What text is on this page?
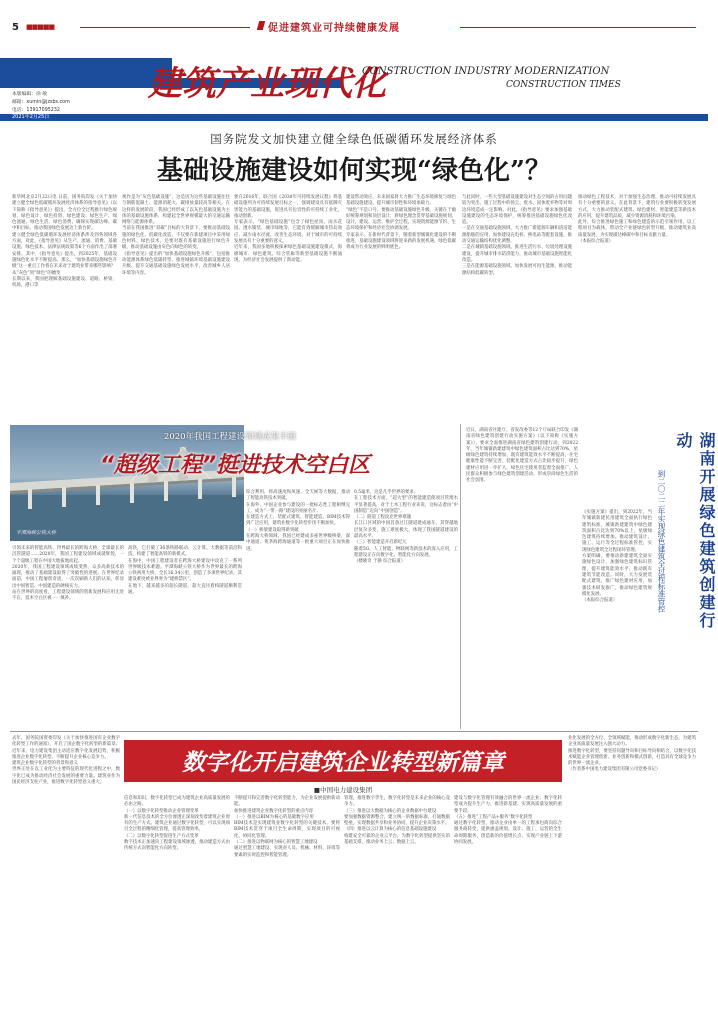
5 ■■■■■	促进建筑业可持续健康发展
建筑产业现代化
CONSTRUCTION INDUSTRY MODERNIZATION
CONSTRUCTION TIMES
本版编辑：徐 敏
邮箱：xumin@jzsbs.com
电话：13917095232
2021年2月25日
国务院发文加快建立健全绿色低碳循环发展经济体系
基础设施建设如何实现“绿色化”？
新华网北京2月22日电 日前，国务院印发《关于加快建立健全绿色低碳循环发展经济体系的指导意见》（以下简称《指导意见》）提出，全方位全过程推行绿色规划、绿色设计、绿色投资、绿色建设、绿色生产、绿色流通、绿色生活、绿色消费，确保实现碳达峰、碳中和目标，推动我国绿色发展迈上新台阶。
建立健全绿色低碳循环发展经济体系涉及到各领域各方面，对此，《指导意见》从生产、流通、消费、基础设施、绿色技术、法律法规政策等6个方面作出了部署安排。其中，《指导意见》提出，到2025年，基础设施绿色化水平不断提高。那么，“加快基础设施绿色升级”这一重点工作将在未来对于建筑业带来哪些影响？
从“灰色”到“绿色”的嬗变
长期以来，我国把理解基础设施建设、道路、桥梁、机场、港口等
视作是为“灰色基础设施”，这是因为这些基础设施往往与钢筋混凝土、能源消耗大、碳排放量较高等相关。在这样的发展阶段，我国已经形成了以灰色基础设施为主体的基础设施体系，构建起全世界规模最大的交通运输网络与能源体系。
当前在我国推进“双碳”目标的大背景下，要推动基础设施的绿色化、低碳化改造，不仅要在新建项目中采用绿色材料、绿色技术，还要对既有基础设施进行绿色升级，推动基础设施由灰色向绿色的转变。
《指导意见》提出的“加快基础设施绿色升级”，包括推动能源体系绿色低碳转型、推进城镇环境基础设施建设升级、提升交通基础设施绿色发展水平、改善城乡人居环境等内容。
要在2016年，联合国《2030年可持续发展议程》将基础设施列为可持续发展目标之一，强调建设具有抵御灾害能力的基础设施，促进具有包容性的可持续工业化，推动创新。
专家表示，“绿色基础设施”包含了绿色屋顶、雨水花园、透水铺装、城市绿地等，它能有效缓解城市热岛效应、减少雨水径流、改善生态环境，对于城市的可持续发展具有十分重要的意义。
近年来，我国多地积极探索绿色基础设施建设模式，海绵城市、绿色建筑、综合管廊等新型基础设施不断涌现，为经济社会发展提供了新动能。
建设带动效应，未来国家将大力推广生态环境修复与绿色基础设施建设，提升城市韧性和环境承载力。
“绿色”不是口号。要推动基础设施绿色升级，关键在于做好统筹规划和顶层设计，将绿色理念贯穿基础设施规划、设计、建设、运营、维护全过程，实现资源能源节约、生态环境保护和经济社会协调发展。
专家表示，在新时代背景下，随着新型城镇化建设的不断推进，基础设施建设领域将迎来新的发展机遇，绿色低碳将成为行业发展的鲜明底色。
与此同时，一些大型基础设施建设对生态空间的占用问题较为突出，施工过程中的扬尘、废水、固体废弃物等对周边环境造成一定影响。对此，《指导意见》要求加强基础设施建设的生态环境保护，统筹推进基础设施绿色化改造。
一是在交通基础设施领域，大力推广新能源车辆和清洁能源船舶的应用，加快建设充电桩、换电站等配套设施，推动交通运输结构优化调整。
二是在城镇基础设施领域，推进生活污水、垃圾处理设施建设，提升城市排水防涝能力，推动城市基础设施智能化改造。
三是在能源基础设施领域，加快发展可再生能源，推动能源结构低碳转型。
推动绿色工程技术，对于加强生态治理，推动可持续发展具有十分重要的意义。在此背景下，建筑行业要积极转变发展方式，大力推动装配式建筑、绿色建材、智能建造等新技术的应用，提升建筑品质，减少资源消耗和环境污染。
此外，综合推进绿色施工和绿色建造的示范引领作用，以工程项目为载体，带动全产业链绿色转型升级，推动建筑业高质量发展，为实现碳达峰碳中和目标贡献力量。
（本报综合报道）
平潭海峡公铁大桥
2020年我国工程建设领域成果丰硕
“超级工程”挺进技术空白区
引领未来的智能高铁、世界最长的跨海大桥、全球最长的沉管隧道……2020年，我国工程建设领域成就辉煌，一个个超级工程在中国大地拔地而起。
2020年，我国工程建设领域成绩斐然，众多高新技术的涌现，推动了基础建设取得了突破性的进展。在世界纪录面前，中国工程屡创奇迹，一次次刷新人们的认知，彰显出中国智造、中国建造的硬核实力。
站在世界的高度看，工程建设领域的创新发展和应用无处不在，技术空白区被一一填补。
高铁，它打破了36条铁路联动、云计算、大数据等前沿科技，构建了智能高铁的新模式。
在海中，中国工程建设者在跨海大桥建设中攻克了一系列世界级技术难题。平潭海峡公铁大桥作为世界最长的跨海公铁两用大桥，全长16.34公里，创造了多项世界纪录，其建设难度被业界誉为“建桥禁区”。
在地下，越来越多的超长隧道、超大直径盾构隧道顺利贯通。
综合利用，将高速度和风速、全天候等大数据，推动了智能高铁技术突破。
在海外，中国企业参与建设的一批标志性工程相继完工，成为“一带一路”建设的亮丽名片。
在建造方式上，装配式建筑、智能建造、BIM技术得到广泛应用，建筑业数字化转型步伐不断加快。
（一）桥梁建设取得新突破
在跨海大桥领域，我国已经建成多座世界级桥梁，深中通道、黄茅海跨海通道等一批重大项目正在加快推进。
0.5毫米，这是几乎世界的要求。
在工程技术方面，“超大型”的智能建造使项目管理水平显著提高，对于土木工程行业来说，这标志着由“中国制造”迈向“中国创造”。
（二）隧道工程攻克世界难题
长江口区域的中国首条过江隧道建成通车，其穿越地层复杂多变，施工难度极大，体现了我国隧道建设的最高水平。
（三）智能建造开启新纪元
随着5G、人工智能、物联网等新技术的深入应用，工程建设正在向数字化、智能化方向发展。
（楼晓奇 于静 综合报道）
近日，湖南省住建厅、省发改委等12个厅局联合印发《湖南省绿色建筑创建行动实施方案》（以下简称《实施方案》），要求全面推进湖南省绿色建筑创建行动，到2022年，当年城镇新建建筑中绿色建筑面积占比达到70%，星级绿色建筑持续增加，既有建筑能效水平不断提高，住宅健康性能不断完善，装配化建造方式占比稳步提升，绿色建材应用进一步扩大，绿色住宅使用者监督全面推广，人民群众积极参与绿色建筑创建活动，形成崇尚绿色生活的社会氛围。
《实施方案》提出，到2022年，当年城镇新建民用建筑全面执行绿色建筑标准，城镇新建建筑中绿色建筑面积占比达到70%以上，星级绿色建筑持续增加。推动建筑设计、施工、运行等全过程标准管控，实现绿色建筑全过程闭环管理。
方案明确，要推动新建建筑全面实施绿色设计，加强绿色建筑标识管理，提升建筑能效水平，推动既有建筑节能改造。同时，大力发展装配式建筑，推广绿色建材应用，加强技术研发推广，推动绿色建筑规模化发展。
（本报综合报道）	湖南开展绿色建筑创建行动
到二〇二二年实现绿色建筑全过程标准管控
去年，国务院国资委印发《关于加快推进国有企业数字化转型工作的通知》，开启了国企数字化转型的新篇章。近年来，电力建设集团主动适应数字化发展趋势，积极推进企业数字化转型，不断提升企业核心竞争力。
建筑企业数字化转型的背景和意义
世界正处在以工业化为主要特征的现代化进程之中，数字化已成为推动经济社会发展的重要力量。建筑业作为国民经济支柱产业，推进数字化转型意义重大。
数字化开启建筑企业转型新篇章
■中国电力建设集团
信息和知识，数字化转型已成为建筑企业高质量发展的必由之路。
（一）以数字化转型推动企业管理变革
新一代信息技术的全方位渗透正深刻改变着建筑企业原有的生产方式。建筑企业通过数字化转型，可以实现项目全过程的精细化管理，提高管理效率。
（二）以数字化转型促进生产方式变革
数字技术正加速向工程建设领域渗透，推动建造方式由传统方式向智能化方向转变。
不断提升和完善数字化转型能力，为企业发展提供新动能。
加快推进建筑企业数字化转型的重点内容
（一）推进以BIM为核心的基础数字应用
BIM技术是实现建筑业数字化转型的关键技术，要将BIM技术贯穿于项目全生命周期，实现项目的可视化、协同化管理。
（二）推进以物联网为核心的智慧工地建设
通过智慧工地建设，实现对人员、机械、材料、环境等要素的实时监控和智能管理。
管理，推进数字孪生，数字化转型是未来企业的核心竞争力。
（三）推进以大数据为核心的企业数据中台建设
要加强数据资源整合，建立统一的数据标准，打通数据壁垒，实现数据共享和业务协同，提升企业决策水平。
（四）推进以云计算为核心的信息基础设施建设
构建安全可靠的企业云平台，为数字化转型提供坚实的基础支撑，推动业务上云、数据上云。
建设与数字化管理有效融合的世界一流企业；数字化转型成为提升生产力、推进新基建、实现高质量发展的重要手段。
（五）推进“工程产品+服务”数字化转型
通过数字化转型，推动企业由单一的工程承包商向综合服务商转变，提供涵盖规划、设计、施工、运营的全生命周期服务，创造新的价值增长点，实现产业链上下游协同发展。
业化发展的全方位、全领域赋能，推动形成数字化新生态，为建筑企业高质量发展注入强大动力。
推进数字化转型，要坚持问题导向和目标导向相结合，以数字化技术赋能企业管理创新、业务创新和模式创新，打造具有全球竞争力的世界一流企业。
（作者系中国电力建设集团有限公司党委书记）
